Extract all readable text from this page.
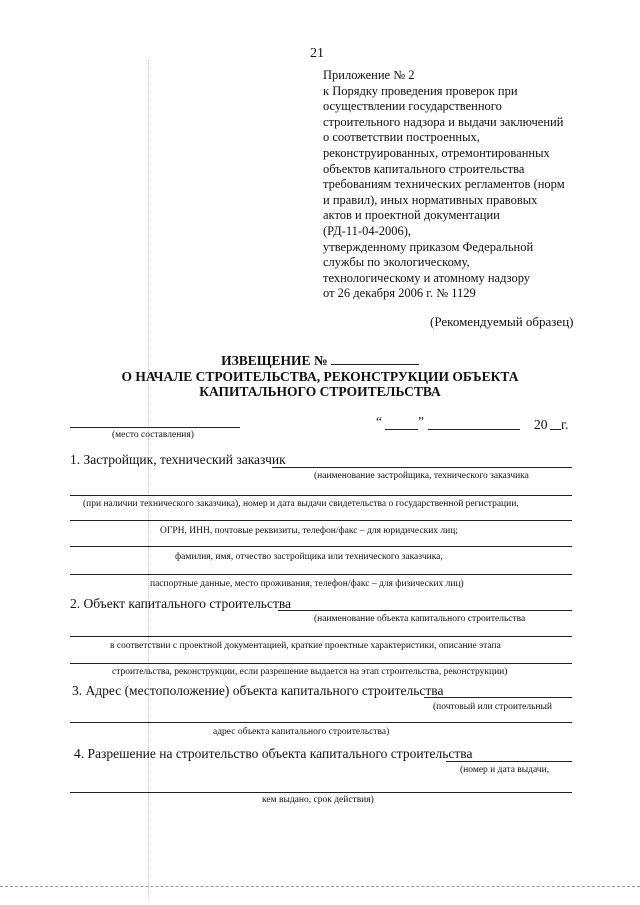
21
Приложение № 2
к Порядку проведения проверок при
осуществлении государственного
строительного надзора и выдачи заключений
о соответствии построенных,
реконструированных, отремонтированных
объектов капитального строительства
требованиям технических регламентов (норм
и правил), иных нормативных правовых
актов и проектной документации
(РД-11-04-2006),
утвержденному приказом Федеральной
службы по экологическому,
технологическому и атомному надзору
от 26 декабря 2006 г. № 1129
(Рекомендуемый образец)
ИЗВЕЩЕНИЕ №
О НАЧАЛЕ СТРОИТЕЛЬСТВА, РЕКОНСТРУКЦИИ ОБЪЕКТА
КАПИТАЛЬНОГО СТРОИТЕЛЬСТВА
(место составления)
“	”	20 г.
1. Застройщик, технический заказчик
(наименование застройщика, технического заказчика
(при наличии технического заказчика), номер и дата выдачи свидетельства о государственной регистрации,
ОГРН, ИНН, почтовые реквизиты, телефон/факс – для юридических лиц;
фамилия, имя, отчество застройщика или технического заказчика,
паспортные данные, место проживания, телефон/факс – для физических лиц)
2. Объект капитального строительства
(наименование объекта капитального строительства
в соответствии с проектной документацией, краткие проектные характеристики, описание этапа
строительства, реконструкции, если разрешение выдается на этап строительства, реконструкции)
3. Адрес (местоположение) объекта капитального строительства
(почтовый или строительный
адрес объекта капитального строительства)
4. Разрешение на строительство объекта капитального строительства
(номер и дата выдачи,
кем выдано, срок действия)
